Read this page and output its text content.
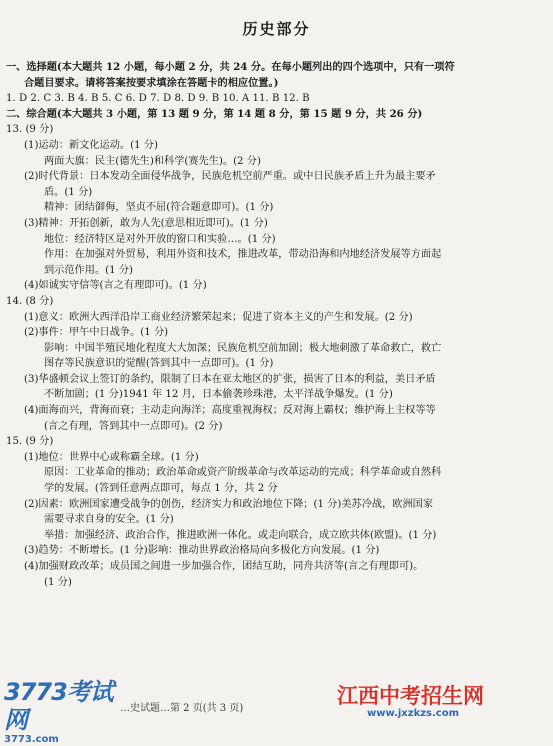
历史部分
一、选择题(本大题共 12 小题，每小题 2 分，共 24 分。在每小题列出的四个选项中，只有一项符
合题目要求。请将答案按要求填涂在答题卡的相应位置。)
1. D 2. C 3. B 4. B 5. C 6. D 7. D 8. D 9. B 10. A 11. B 12. B
二、综合题(本大题共 3 小题，第 13 题 9 分，第 14 题 8 分，第 15 题 9 分，共 26 分)
13. (9 分)
(1)运动：新文化运动。(1 分)
两面大旗：民主(德先生)和科学(赛先生)。(2 分)
(2)时代背景：日本发动全面侵华战争，民族危机空前严重。或中日民族矛盾上升为最主要矛
盾。(1 分)
精神：团结御侮，坚贞不屈(符合题意即可)。(1 分)
(3)精神：开拓创新，敢为人先(意思相近即可)。(1 分)
地位：经济特区是对外开放的窗口和实验…。(1 分)
作用：在加强对外贸易，利用外资和技术，推进改革，带动沿海和内地经济发展等方面起
到示范作用。(1 分)
(4)如诚实守信等(言之有理即可)。(1 分)
14. (8 分)
(1)意义：欧洲大西洋沿岸工商业经济繁荣起来；促进了资本主义的产生和发展。(2 分)
(2)事件：甲午中日战争。(1 分)
影响：中国半殖民地化程度大大加深；民族危机空前加剧；极大地刺激了革命救亡，救亡
图存等民族意识的觉醒(答到其中一点即可)。(1 分)
(3)华盛顿会议上签订的条约，限制了日本在亚太地区的扩张，损害了日本的利益，美日矛盾
不断加剧；(1 分)1941 年 12 月，日本偷袭珍珠港，太平洋战争爆发。(1 分)
(4)面海而兴，背海而衰；主动走向海洋；高度重视海权；反对海上霸权；维护海上主权等等
(言之有理，答到其中一点即可)。(2 分)
15. (9 分)
(1)地位：世界中心或称霸全球。(1 分)
原因：工业革命的推动；政治革命或资产阶级革命与改革运动的完成；科学革命或自然科
学的发展。(答到任意两点即可，每点 1 分，共 2 分
(2)因素：欧洲国家遭受战争的创伤，经济实力和政治地位下降；(1 分)美苏冷战，欧洲国家
需要寻求自身的安全。(1 分)
举措：加强经济、政治合作，推进欧洲一体化。或走向联合，成立欧共体(欧盟)。(1 分)
(3)趋势：不断增长。(1 分)影响：推动世界政治格局向多极化方向发展。(1 分)
(4)加强财政改革；成员国之间进一步加强合作，团结互助，同舟共济等(言之有理即可)。
(1 分)
3773考试网
3773.com
…史试题…第 2 页(共 3 页)
江西中考招生网
www.jxzkzs.com
